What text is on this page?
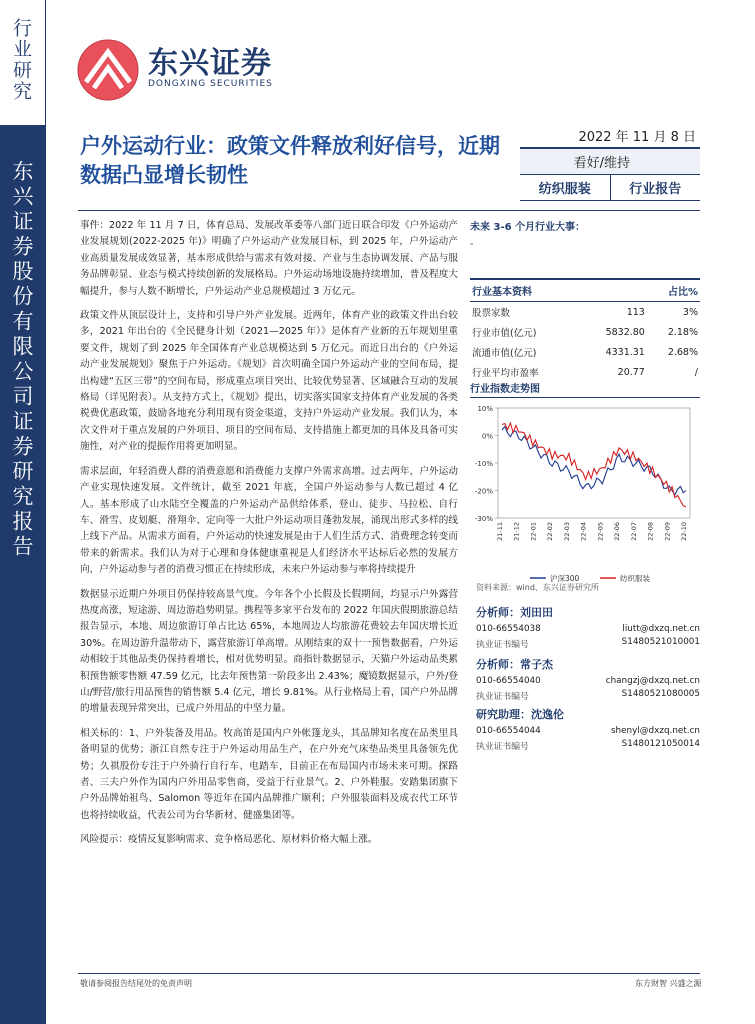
行业研究
东兴证券股份有限公司证券研究报告
东兴证券
DONGXING SECURITIES
户外运动行业：政策文件释放利好信号，近期数据凸显增长韧性
2022 年 11 月 8 日
看好/维持
纺织服装	行业报告

事件：2022 年 11 月 7 日，体育总局、发展改革委等八部门近日联合印发《户外运动产业发展规划(2022-2025 年)》明确了户外运动产业发展目标，到 2025 年，户外运动产业高质量发展成效显著，基本形成供给与需求有效对接、产业与生态协调发展、产品与服务品牌彰显、业态与模式持续创新的发展格局。户外运动场地设施持续增加，普及程度大幅提升，参与人数不断增长，户外运动产业总规模超过 3 万亿元。

政策文件从顶层设计上，支持和引导户外产业发展。近两年，体育产业的政策文件出台较多，2021 年出台的《全民健身计划（2021—2025 年）》是体育产业新的五年规划里重要文件，规划了到 2025 年全国体育产业总规模达到 5 万亿元。而近日出台的《户外运动产业发展规划》聚焦于户外运动。《规划》首次明确全国户外运动产业的空间布局，提出构建“五区三带”的空间布局，形成重点项目突出、比较优势显著、区域融合互动的发展格局（详见附表）。从支持方式上，《规划》提出，切实落实国家支持体育产业发展的各类税费优惠政策，鼓励各地充分利用现有资金渠道，支持户外运动产业发展。我们认为，本次文件对于重点发展的户外项目、项目的空间布局、支持措施上都更加的具体及具备可实施性，对产业的提振作用将更加明显。

需求层面，年轻消费人群的消费意愿和消费能力支撑户外需求高增。过去两年，户外运动产业实现快速发展。文件统计，截至 2021 年底，全国户外运动参与人数已超过 4 亿人。基本形成了山水陆空全覆盖的户外运动产品供给体系，登山、徒步、马拉松、自行车、滑雪、皮划艇、滑翔伞、定向等一大批户外运动项目蓬勃发展，涌现出形式多样的线上线下产品。从需求方面看，户外运动的快速发展是由于人们生活方式、消费理念转变而带来的新需求。我们认为对于心理和身体健康重视是人们经济水平达标后必然的发展方向，户外运动参与者的消费习惯正在持续形成，未来户外运动参与率将持续提升

数据显示近期户外项目仍保持较高景气度。今年各个小长假及长假期间，均显示户外露营热度高涨，短途游、周边游趋势明显。携程等多家平台发布的 2022 年国庆假期旅游总结报告显示，本地、周边旅游订单占比达 65%，本地周边人均旅游花费较去年国庆增长近 30%。在周边游升温带动下，露营旅游订单高增。从刚结束的双十一预售数据看，户外运动相较于其他品类仍保持着增长，相对优势明显。商指针数据显示，天猫户外运动品类累积预售额零售额 47.59 亿元，比去年预售第一阶段多出 2.43%；魔镜数据显示，户外/登山/野营/旅行用品预售的销售额 5.4 亿元，增长 9.81%。从行业格局上看，国产户外品牌的增量表现异常突出，已成户外用品的中坚力量。

相关标的：1、户外装备及用品。牧高笛是国内户外帐篷龙头，其品牌知名度在品类里具备明显的优势；浙江自然专注于户外运动用品生产，在户外充气床垫品类里具备领先优势；久祺股份专注于户外骑行自行车、电踏车，目前正在布局国内市场未来可期。探路者、三夫户外作为国内户外用品零售商，受益于行业景气。2、户外鞋服。安踏集团旗下户外品牌始祖鸟、Salomon 等近年在国内品牌推广顺利；户外服装面料及成衣代工环节也将持续收益，代表公司为台华新材、健盛集团等。

风险提示：疫情反复影响需求、竞争格局恶化、原材料价格大幅上涨。

未来 3-6 个月行业大事：
-
行业基本资料		占比%
股票家数	113	3%
行业市值(亿元)	5832.80	2.18%
流通市值(亿元)	4331.31	2.68%
行业平均市盈率	20.77	/
行业指数走势图
10%
0%
-10%
-20%
-30%
21-11 21-12 22-01 22-02 22-03 22-04 22-05 22-06 22-07 22-08 22-09 22-10
沪深300	纺织服装
资料来源：wind、东兴证券研究所
分析师：刘田田
010-66554038	liutt@dxzq.net.cn
执业证书编号	S1480521010001
分析师：常子杰
010-66554040	changzj@dxzq.net.cn
执业证书编号	S1480521080005
研究助理：沈逸伦
010-66554044	shenyl@dxzq.net.cn
执业证书编号	S1480121050014
敬请参阅报告结尾处的免责声明	东方财智 兴盛之源
